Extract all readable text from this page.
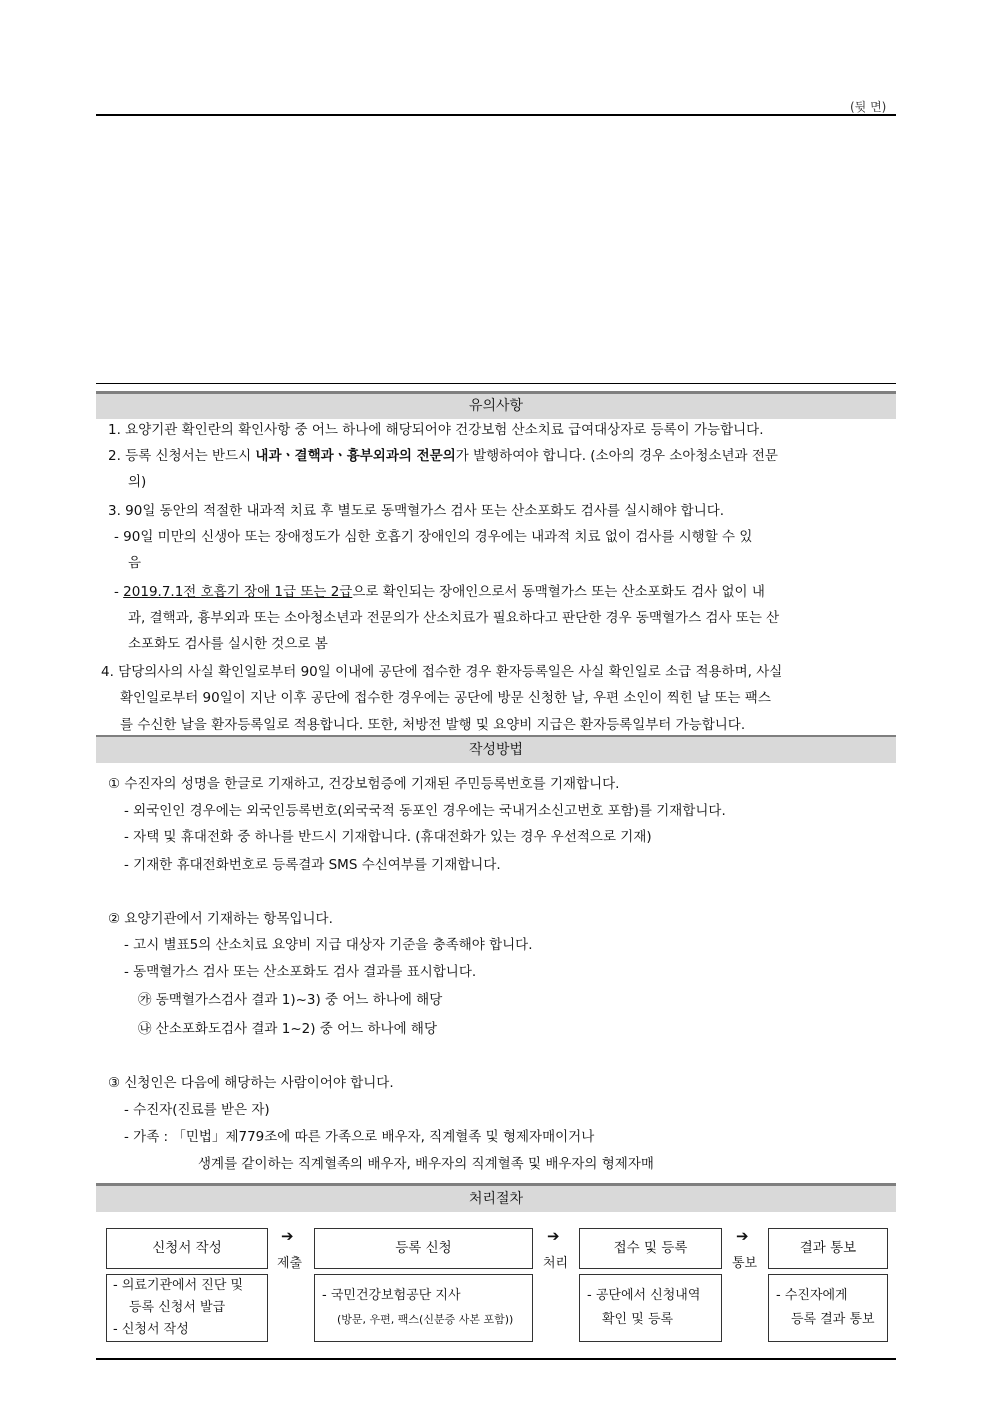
(뒷 면)
유의사항
1. 요양기관 확인란의 확인사항 중 어느 하나에 해당되어야 건강보험 산소치료 급여대상자로 등록이 가능합니다.
2. 등록 신청서는 반드시 내과ㆍ결핵과ㆍ흉부외과의 전문의가 발행하여야 합니다. (소아의 경우 소아청소년과 전문
의)
3. 90일 동안의 적절한 내과적 치료 후 별도로 동맥혈가스 검사 또는 산소포화도 검사를 실시해야 합니다.
- 90일 미만의 신생아 또는 장애정도가 심한 호흡기 장애인의 경우에는 내과적 치료 없이 검사를 시행할 수 있
음
- 2019.7.1전 호흡기 장애 1급 또는 2급으로 확인되는 장애인으로서 동맥혈가스 또는 산소포화도 검사 없이 내
과, 결핵과, 흉부외과 또는 소아청소년과 전문의가 산소치료가 필요하다고 판단한 경우 동맥혈가스 검사 또는 산
소포화도 검사를 실시한 것으로 봄
4. 담당의사의 사실 확인일로부터 90일 이내에 공단에 접수한 경우 환자등록일은 사실 확인일로 소급 적용하며, 사실
확인일로부터 90일이 지난 이후 공단에 접수한 경우에는 공단에 방문 신청한 날, 우편 소인이 찍힌 날 또는 팩스
를 수신한 날을 환자등록일로 적용합니다. 또한, 처방전 발행 및 요양비 지급은 환자등록일부터 가능합니다.
작성방법
① 수진자의 성명을 한글로 기재하고, 건강보험증에 기재된 주민등록번호를 기재합니다.
- 외국인인 경우에는 외국인등록번호(외국국적 동포인 경우에는 국내거소신고번호 포함)를 기재합니다.
- 자택 및 휴대전화 중 하나를 반드시 기재합니다. (휴대전화가 있는 경우 우선적으로 기재)
- 기재한 휴대전화번호로 등록결과 SMS 수신여부를 기재합니다.
② 요양기관에서 기재하는 항목입니다.
- 고시 별표5의 산소치료 요양비 지급 대상자 기준을 충족해야 합니다.
- 동맥혈가스 검사 또는 산소포화도 검사 결과를 표시합니다.
㉮ 동맥혈가스검사 결과 1)~3) 중 어느 하나에 해당
㉯ 산소포화도검사 결과 1~2) 중 어느 하나에 해당
③ 신청인은 다음에 해당하는 사람이어야 합니다.
- 수진자(진료를 받은 자)
- 가족 : 「민법」제779조에 따른 가족으로 배우자, 직계혈족 및 형제자매이거나
생계를 같이하는 직계혈족의 배우자, 배우자의 직계혈족 및 배우자의 형제자매
처리절차
신청서 작성	등록 신청	접수 및 등록	결과 통보
➔
제출
➔
처리
➔
통보
- 의료기관에서 진단 및
등록 신청서 발급
- 신청서 작성
- 국민건강보험공단 지사
(방문, 우편, 팩스(신분증 사본 포함))
- 공단에서 신청내역
확인 및 등록
- 수진자에게
등록 결과 통보
